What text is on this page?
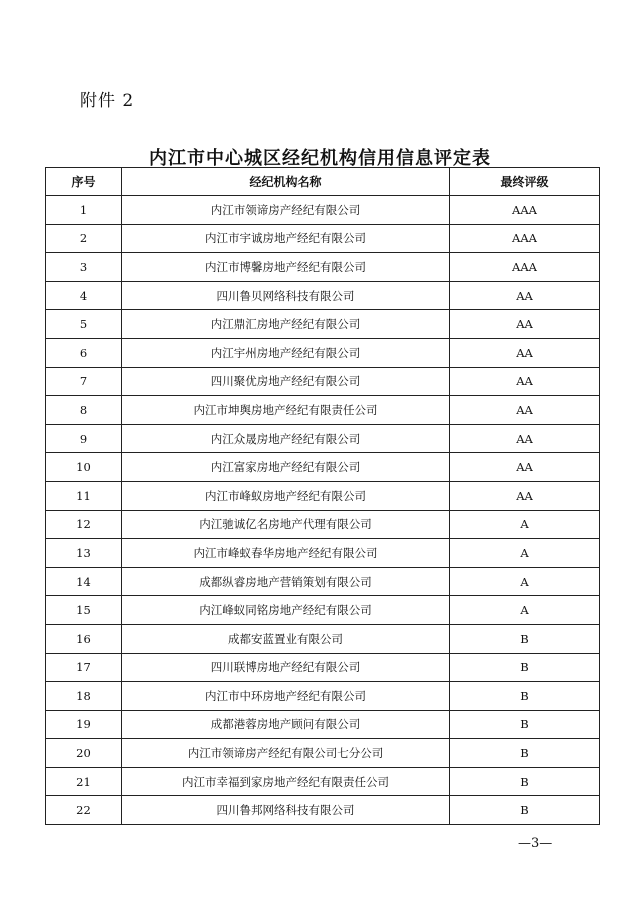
附件 2
内江市中心城区经纪机构信用信息评定表
序号	经纪机构名称	最终评级
1	内江市领谛房产经纪有限公司	AAA
2	内江市宇诚房地产经纪有限公司	AAA
3	内江市博馨房地产经纪有限公司	AAA
4	四川鲁贝网络科技有限公司	AA
5	内江鼎汇房地产经纪有限公司	AA
6	内江宇州房地产经纪有限公司	AA
7	四川聚优房地产经纪有限公司	AA
8	内江市坤舆房地产经纪有限责任公司	AA
9	内江众晟房地产经纪有限公司	AA
10	内江富家房地产经纪有限公司	AA
11	内江市峰蚁房地产经纪有限公司	AA
12	内江驰诚亿名房地产代理有限公司	A
13	内江市峰蚁春华房地产经纪有限公司	A
14	成都纵睿房地产营销策划有限公司	A
15	内江峰蚁同铭房地产经纪有限公司	A
16	成都安蓝置业有限公司	B
17	四川联博房地产经纪有限公司	B
18	内江市中环房地产经纪有限公司	B
19	成都港蓉房地产顾问有限公司	B
20	内江市领谛房产经纪有限公司七分公司	B
21	内江市幸福到家房地产经纪有限责任公司	B
22	四川鲁邦网络科技有限公司	B
—3—
